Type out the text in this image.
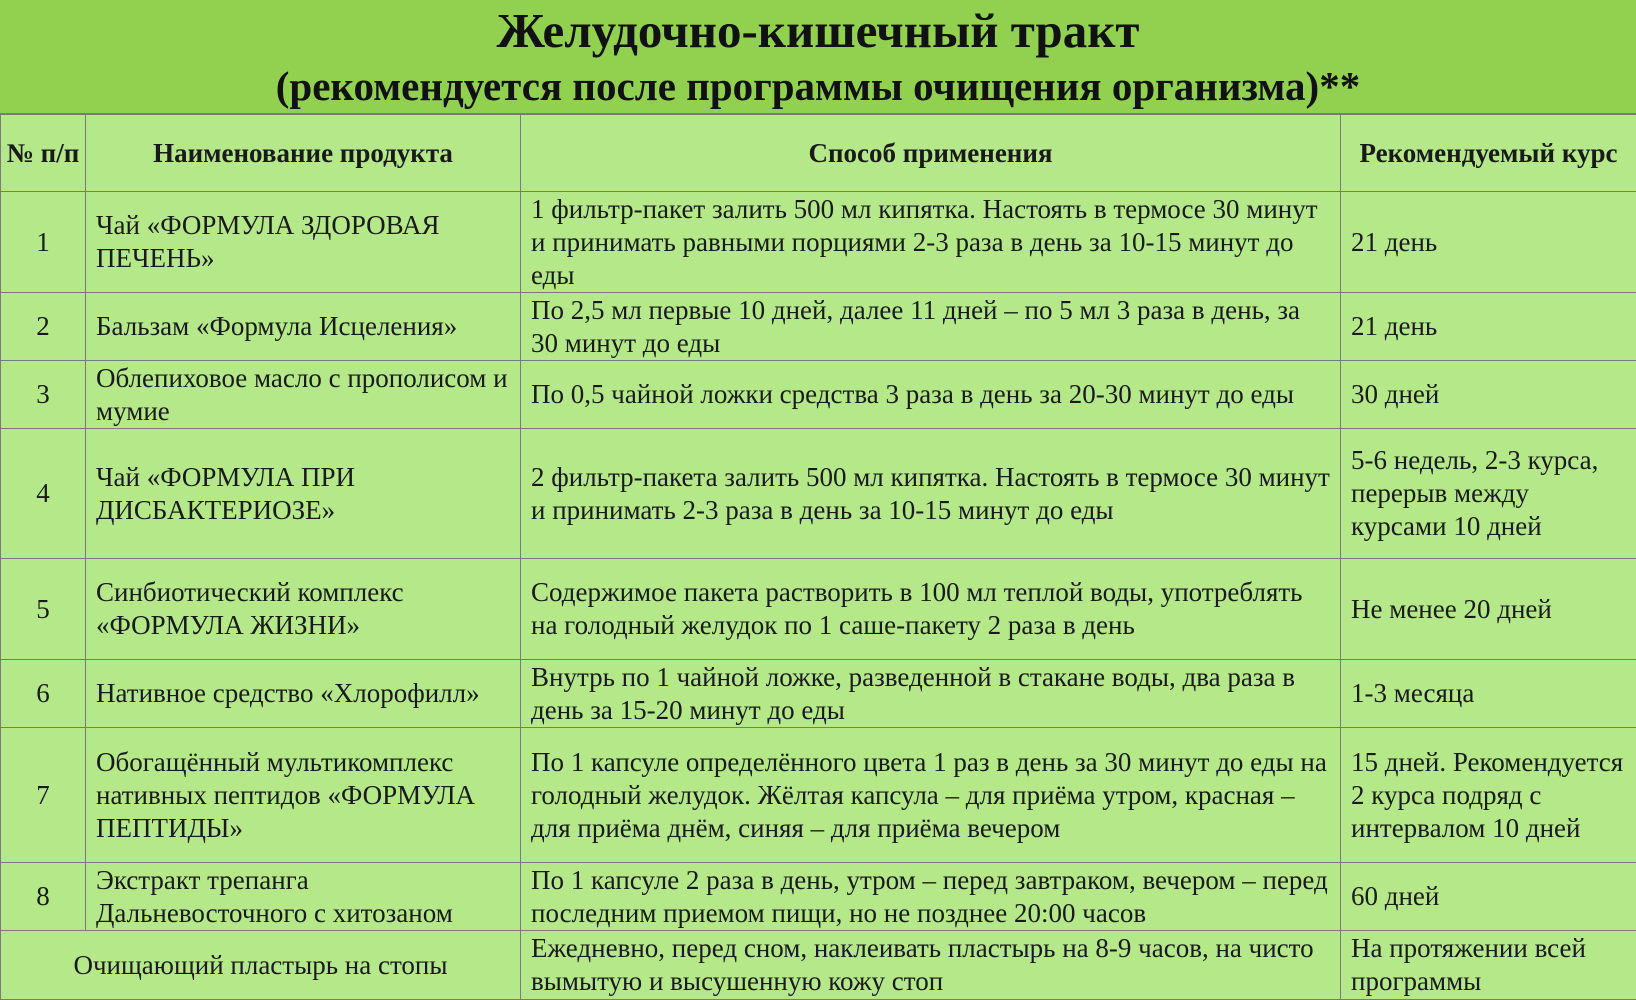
Желудочно-кишечный тракт
(рекомендуется после программы очищения организма)**
№ п/п	Наименование продукта	Способ применения	Рекомендуемый курс
1	Чай «ФОРМУЛА ЗДОРОВАЯ ПЕЧЕНЬ»	1 фильтр-пакет залить 500 мл кипятка. Настоять в термосе 30 минут и принимать равными порциями 2-3 раза в день за 10-15 минут до еды	21 день
2	Бальзам «Формула Исцеления»	По 2,5 мл первые 10 дней, далее 11 дней – по 5 мл 3 раза в день, за 30 минут до еды	21 день
3	Облепиховое масло с прополисом и мумие	По 0,5 чайной ложки средства 3 раза в день за 20-30 минут до еды	30 дней
4	Чай «ФОРМУЛА ПРИ ДИСБАКТЕРИОЗЕ»	2 фильтр-пакета залить 500 мл кипятка. Настоять в термосе 30 минут и принимать 2-3 раза в день за 10-15 минут до еды	5-6 недель, 2-3 курса, перерыв между курсами 10 дней
5	Синбиотический комплекс «ФОРМУЛА ЖИЗНИ»	Содержимое пакета растворить в 100 мл теплой воды, употреблять на голодный желудок по 1 саше-пакету 2 раза в день	Не менее 20 дней
6	Нативное средство «Хлорофилл»	Внутрь по 1 чайной ложке, разведенной в стакане воды, два раза в день за 15-20 минут до еды	1-3 месяца
7	Обогащённый мультикомплекс нативных пептидов «ФОРМУЛА ПЕПТИДЫ»	По 1 капсуле определённого цвета 1 раз в день за 30 минут до еды на голодный желудок. Жёлтая капсула – для приёма утром, красная – для приёма днём, синяя – для приёма вечером	15 дней. Рекомендуется 2 курса подряд с интервалом 10 дней
8	Экстракт трепанга Дальневосточного с хитозаном	По 1 капсуле 2 раза в день, утром – перед завтраком, вечером – перед последним приемом пищи, но не позднее 20:00 часов	60 дней
Очищающий пластырь на стопы		Ежедневно, перед сном, наклеивать пластырь на 8-9 часов, на чисто вымытую и высушенную кожу стоп	На протяжении всей программы
